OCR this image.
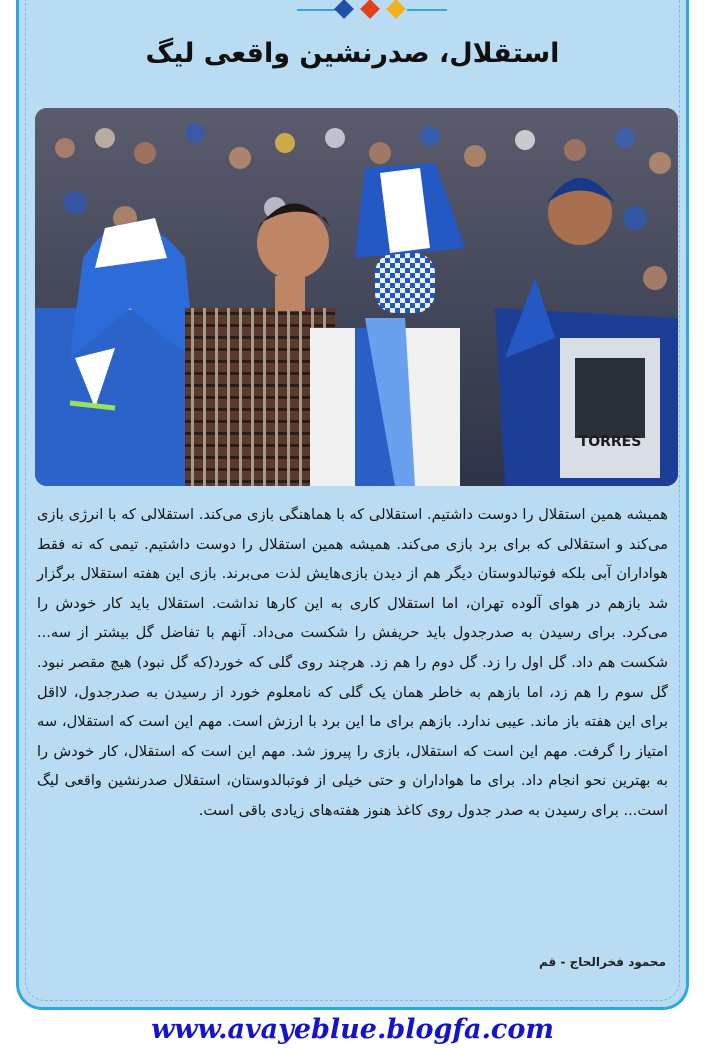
استقلال، صدرنشین واقعی لیگ
TORRES
همیشه همین استقلال را دوست داشتیم. استقلالی که با هماهنگی بازی می‌کند. استقلالی که با انرژی بازی می‌کند و استقلالی که برای برد بازی می‌کند. همیشه همین استقلال را دوست داشتیم. تیمی که نه فقط هواداران آبی بلکه فوتبالدوستان دیگر هم از دیدن بازی‌هایش لذت می‌برند. بازی این هفته استقلال برگزار شد بازهم در هوای آلوده تهران، اما استقلال کاری به این کارها نداشت. استقلال باید کار خودش را می‌کرد. برای رسیدن به صدرجدول باید حریفش را شکست می‌داد. آنهم با تفاضل گل بیشتر از سه... شکست هم داد. گل اول را زد. گل دوم را هم زد. هرچند روی گلی که خورد(که گل نبود) هیچ مقصر نبود. گل سوم را هم زد، اما بازهم به خاطر همان یک گلی که نامعلوم خورد از رسیدن به صدرجدول، لااقل برای این هفته باز ماند. عیبی ندارد. بازهم برای ما این برد با ارزش است. مهم این است که استقلال، سه امتیاز را گرفت. مهم این است که استقلال، بازی را پیروز شد. مهم این است که استقلال، کار خودش را به بهترین نحو انجام داد. برای ما هواداران و حتی خیلی از فوتبالدوستان، استقلال صدرنشین واقعی لیگ است... برای رسیدن به صدر جدول روی کاغذ هنوز هفته‌های زیادی باقی است.
محمود فخرالحاج - قم
www.avayeblue.blogfa.com
